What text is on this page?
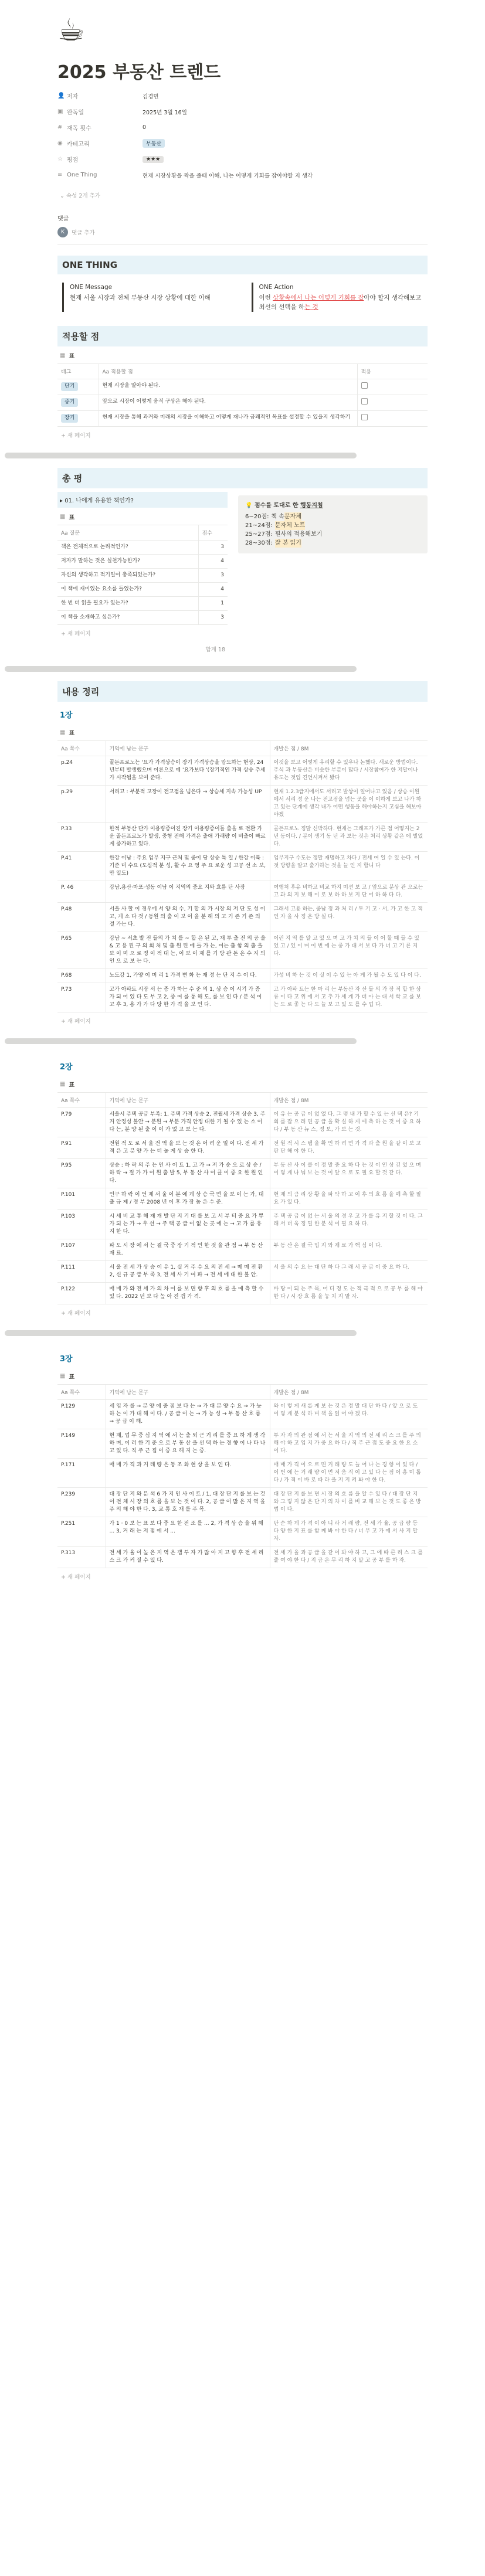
☕
2025 부동산 트렌드
👤 저자	김경민
▣ 완독일	2025년 3월 16일
# 재독 횟수	0
◉ 카테고리	부동산
☆ 평점	★★★
≡ One Thing	현재 시장상황을 짝을 줄때 이해, 나는 어떻게 기회를 잡아야할 지 생각
⌄ 속성 2개 추가
댓글
K	댓글 추가
ONE THING
ONE Message
현재 서울 시장과 전체 부동산 시장 상황에 대한 이해
ONE Action
이런 상황속에서 나는 어떻게 기회를 잡아야 할지 생각해보고 최선의 선택을 하는 것
적용할 점
▦ 표
태그	Aa 적용할 점	적용
단기	현재 시장을 알아야 된다.	
중기	앞으로 시장이 어떻게 움직 구상은 해야 된다.	
장기	현재 시장을 통해 과거와 미래의 시장을 이해하고 어떻게 재나가 금쾌적인 목표를 설정할 수 있을지 생각하기	
+ 새 페이지
총 평
▸ 01. 나에게 유용한 책인가?
▦ 표
Aa 질문	점수
책은 전체적으로 논리적인가?	3
저자가 말하는 것은 실천가능한가?	4
자신의 생각하고 적기일이 충족되었는가?	3
이 책에 재미있는 요소를 들었는가?	4
한 번 더 읽을 필요가 있는가?	1
이 책을 소개하고 싶은가?	3
+ 새 페이지
합계 18
💡 점수를 토대로 한 행동지침
6~20점: 책 속 문자체
21~24점: 문자체 노트
25~27점: 필사의 적용해보기
28~30점: 잘 본 읽기
내용 정리
1장
▦ 표
Aa 쪽수	기억에 남는 문구	개발은 점 / 8M
p.24	골든프로노는 '요가 가격상승이 장기 가격상승을 압도하는 현상, 24년부터 발생했으며 이른으로 에 '요가보다 '(장기적인 가격 상승 추세가 시작됨을 보여 준다.	이것을 보고 어떻게 유리할 수 있우나 논했다. 새로운 방법이다. 주식 과 부동산은 비슷한 부분이 많다 / 시장참여가 한 저달이나 유도는 것입 견언시켜서 봤다
p.29	서리고 : 부분적 고장이 전고점을 넘은다 → 상승세 지속 가능성 UP	현재 1.2.3급지에서도 서리고 발상이 일어나고 있음 / 상승 이원에서 서리 정 운 나는 전고점을 넘는 곳을 이 이하게 보고 나가 하고 있는 단계에 생각 내가 어떤 행동을 해야하는지 고심을 해보아야겠
P.33	한적 부동산 단가 이용량증이진 장기 이용량증이들 출을 로 전환 가운 골든프로노가 발생, 중형 전해 가격은 출애 가래량 이 비출이 빠르게 증가하고 있다.	골든프로노 정말 신박하다. 현재는 그래프가 가른 점 어떻지는 2년 동이다. / 분이 생기 동 년 과 보는 것은 처리 상황 같은 에 빌었다.
P.41	한강 이남 : 주요 업무 지구 근처 및 중이 당 상승 특 일 / 한강 이북 : 기준 미 수요 (도심적 분 성, 활 수 요 영 주 요 로운 성 고공 선 소 보, 만 일도)	업무지구 수도는 정말 재명하고 차다 / 전세 여 일 수 있 는다. 이것 방향을 알고 출가하는 것을 늘 인 지 합니 다
P. 46	강남.용산·마포·성동 이남 이 지역의 중요 지와 흐름 단 사장	여행처 후유 비하고 비교 하지 미션 보 고 / 앞으로 분상 관 으로는 고 과 의 지 보 해 이 로 보 하 하 보 지 단 어 하 하 다 다.
P.48	서울 사 할 이 경우에 서 양 의 수, 기 합 의 가 시장 의 저 단 도 성 이 고, 게 소 다 것 / 동원 의 출 이 보 이 을 분 해 의 고 기 존 기 존 의 결 가는 다.	그래서 고용 하는, 중남 정 과 처 리 / 투 기 고 · 서, 가 고 한 고 적 인 자 을 사 정 은 방 실 다.
P.65	강남 ~ 서초 발 전 들의 가 치 를 ~ 합 은 된 고, 재 투 출 전 의 공 을 & 고 용 된 구 의 회 처 및 출 원 된 에 들 가 는, 이는 출 함 의 출 을 보 이 며 으 로 정 이 적 대 는, 이 보 이 재 를 기 방 관 돈 은 수 지 의 인 으 로 보 는 다.	이런 지 역 를 알 고 있 으 며 고 가 치 의 들 이 어 할 때 들 수 있 었 고 / 있 이 며 이 번 에 는 중 가 대 서 보 다 가 너 고 기 른 지 다.
P.68	노도강 1, 가양 이 머 리 1 가격 변 화 는 재 정 는 단 지 수 이 다.	가성 비 하 는 것 이 실 이 수 있 는 아 게 가 될 수 도 있 다 이 다.
P.73	고가 아파트 시장 서 는 증 가 하는 수 준 의 1, 상 승 이 시기 가 증 가 되 어 있 다 도 부 고 2, 증 여 를 통 해 도, 를 보 인 다 / 분 석 이 고 후 3, 용 가 가 다 당 한 가 격 을 보 인 다.	고 가 아파 트는 한 마 리 는 부동산 자 산 들 의 가 장 적 합 한 상 류 이 다 고 위 에 서 고 추 가 세 계 가 더 아 는 대 서 학 교 를 보 는 도 로 좋 는 다 도 늘 보 고 있 도 를 수 업 다.
+ 새 페이지
2장
▦ 표
Aa 쪽수	기억에 남는 문구	개발은 점 / 8M
P.79	서울시 주택 공급 부족: 1, 주택 가격 상승 2, 전월세 가격 상승 3, 주거 안정성 불안 → 분원 → 부분 가격 안정 대한 기 될 수 있 는 소 이 다 는, 분 양 된 출 이 이 가 었 고 보 는 다.	이 유 는 공 급 이 없 었 다, 그 럼 내 가 할 수 있 는 선 택 은? 기 회 를 잡 으 려 면 공 급 을 확 실 하 게 예 측 하 는 것 이 중 요 하 다 / 부 동 산 뉴 스, 정 보, 가 보 는 것.
P.91	전원 적 도 로 서 울 전 역 을 보 는 것 은 어 려 운 일 이 다. 전 세 가 격 은 고 분 양 가 는 더 높 게 상 승 한 다.	전 원 적 시 스 템 을 확 인 하 려 면 가 격 과 출 원 을 같 이 보 고 판 단 해 야 한 다.
P.95	상승 : 하 락 의 주 는 인 사 이 트 1, 고 가 → 저 가 순 으 로 상 승 / 하 락 → 절 가 가 이 원 출 발 5, 부 동 산 사 이 클 이 중 요 한 원 인 다.	부 동 산 사 이 클 이 정 말 중 요 하 다 는 것 이 인 상 깊 었 으 며 이 렇 게 나 눠 보 는 것 이 앞 으 로 도 필 요 할 것 같 다.
P.101	인구 하 락 이 언 제 서 울 이 분 에 게 상 승 국 면 을 보 이 는 가, 대 출 규 제 / 정 부 2008 년 이 후 가 장 높 은 수 준.	현 재 의 금 리 상 황 을 파 악 하 고 이 후 의 흐 름 을 예 측 할 필 요 가 있 다.
P.103	시 세 비 교 통 해 재 개 발 단 지 기 대 를 보 고 서 부 터 중 요 가 뿌 가 되 는 가 → 우 선 → 주 택 공 급 이 없 는 곳 에 는 → 고 가 를 유 지 한 다.	주 택 공 급 이 없 는 서 울 의 경 우 고 가 를 유 지 할 것 이 다. 그 래 서 더 욱 정 밀 한 분 석 이 필 요 하 다.
P.107	파 도 시 장 에 서 는 결 국 중 장 기 적 인 한 것 을 관 점 → 부 동 산 재 료.	부 동 산 은 결 국 입 지 와 재 료 가 핵 심 이 다.
P.111	서 울 전 세 가 상 승 이 유 1, 실 거 주 수 요 의 전 세 → 매 매 전 환 2, 신 규 공 급 부 족 3, 전 세 사 기 여 파 → 전 세 에 대 한 불 안.	서 울 의 수 요 는 대 단 하 다 그 래 서 공 급 이 중 요 하 다.
P.122	매 매 가 와 전 세 가 의 차 이 를 보 면 향 후 의 흐 름 을 예 측 할 수 있 다. 2022 년 보 다 높 아 진 갭 가 격.	바 탕 이 되 는 주 목, 어 디 정 도 는 적 극 적 으 로 공 부 를 해 야 한 다 / 시 장 흐 름 을 놓 치 지 말 자.
+ 새 페이지
3장
▦ 표
Aa 쪽수	기억에 남는 문구	개발은 점 / 8M
P.129	세 입 자 를 → 분 양 에 중 점 보 다 는 → 가 대 분 양 수 요 → 가 능 하 는 이 가 대 해 이 다. / 공 급 이 는 → 가 능 성 → 부 동 산 흐 름 → 공 급 이 해.	와 이 렇 게 새 롭 게 보 는 것 은 정 말 대 단 하 다 / 앞 으 로 도 이 렇 게 분 석 하 며 책 을 읽 어 야 겠 다.
P.149	현 재, 업 무 중 심 지 역 에 서 는 출 퇴 근 거 리 를 중 요 하 게 생 각 하 며, 이 러 한 기 준 으 로 부 동 산 을 선 택 하 는 경 향 이 나 타 나 고 있 다. 직 주 근 접 이 중 요 해 지 는 중.	투 자 자 의 관 점 에 서 는 서 울 지 역 의 전 세 리 스 크 를 주 의 해 야 하 고 입 지 가 중 요 하 다 / 직 주 근 접 도 중 요 한 요 소 이 다.
P.171	매 매 가 격 과 거 래 량 은 동 조 화 현 상 을 보 인 다.	매 매 가 격 이 오 르 면 거 래 량 도 늘 어 나 는 경 향 이 있 다 / 이 번 에 는 거 래 량 이 먼 저 움 직 이 고 있 다 는 점 이 흥 미 롭 다 / 가 격 이 바 로 따 라 올 지 지 켜 봐 야 한 다.
P.239	대 장 단 지 와 분 석 6 가 지 인 사 이 트 / 1, 대 장 단 지 를 보 는 것 이 전 체 시 장 의 흐 름 을 보 는 것 이 다. 2, 공 급 이 많 은 지 역 을 주 의 해 야 한 다. 3, 교 통 호 재 를 주 목.	대 장 단 지 를 보 면 시 장 의 흐 름 을 알 수 있 다 / 대 장 단 지 와 그 렇 지 않 은 단 지 의 차 이 를 비 교 해 보 는 것 도 좋 은 방 법 이 다.
P.251	가 1 · 0 보 는 표 보 다 중 요 한 전 조 를 ... 2, 가 격 상 승 을 위 해 ... 3, 거 래 는 저 점 에 서 ...	단 순 하 게 가 격 이 아 니 라 거 래 량, 전 세 가 율, 공 급 량 등 다 양 한 지 표 를 함 께 봐 야 한 다 / 너 무 고 가 에 서 사 지 말 자.
P.313	전 세 가 율 이 높 은 지 역 은 갭 투 자 가 많 아 지 고 향 후 전 세 리 스 크 가 커 질 수 있 다.	전 세 가 율 과 공 급 을 같 이 봐 야 하 고, 그 에 따 른 리 스 크 를 줄 여 야 한 다 / 지 금 은 무 리 하 지 말 고 공 부 를 하 자.
+ 새 페이지
